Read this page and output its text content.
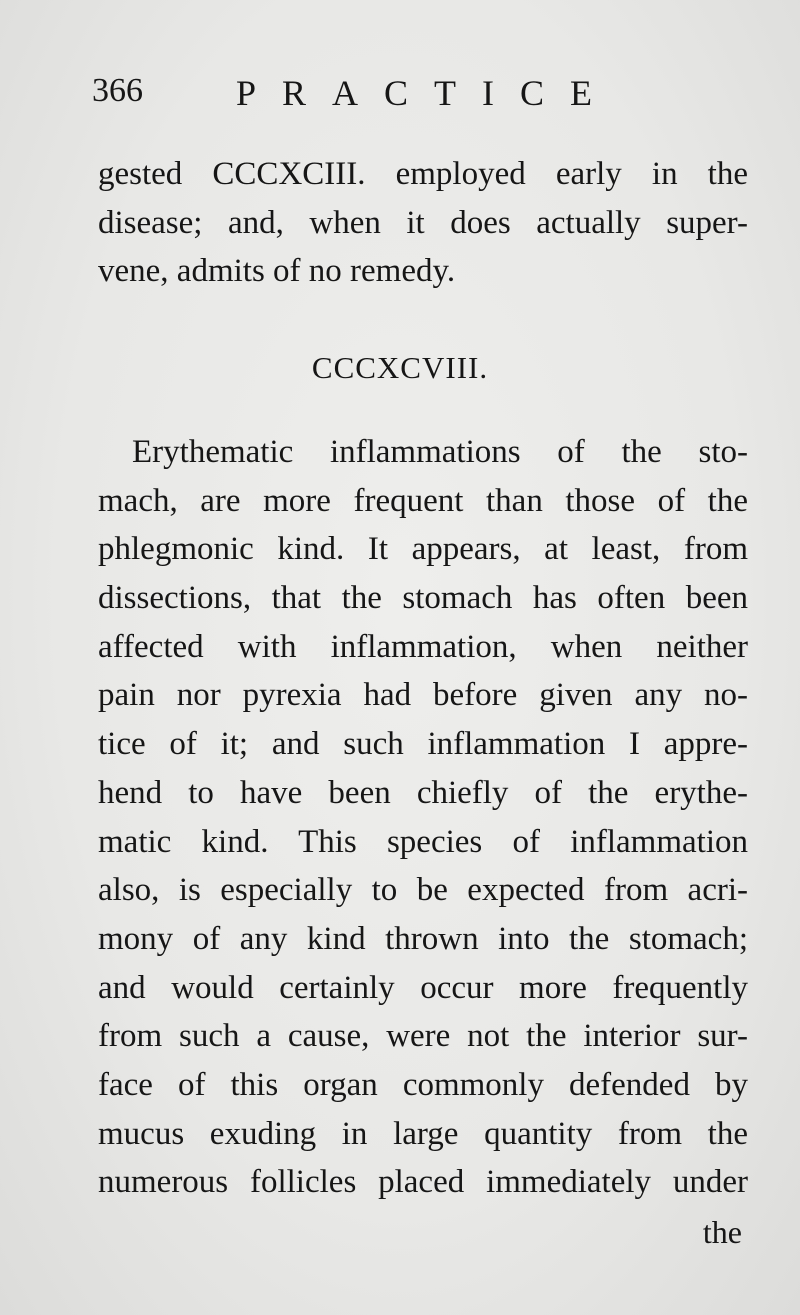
366	PRACTICE
gested CCCXCIII. employed early in the
disease; and, when it does actually super-
vene, admits of no remedy.
CCCXCVIII.
Erythematic inflammations of the sto-
mach, are more frequent than those of the
phlegmonic kind. It appears, at least, from
dissections, that the stomach has often been
affected with inflammation, when neither
pain nor pyrexia had before given any no-
tice of it; and such inflammation I appre-
hend to have been chiefly of the erythe-
matic kind. This species of inflammation
also, is especially to be expected from acri-
mony of any kind thrown into the stomach;
and would certainly occur more frequently
from such a cause, were not the interior sur-
face of this organ commonly defended by
mucus exuding in large quantity from the
numerous follicles placed immediately under
the
